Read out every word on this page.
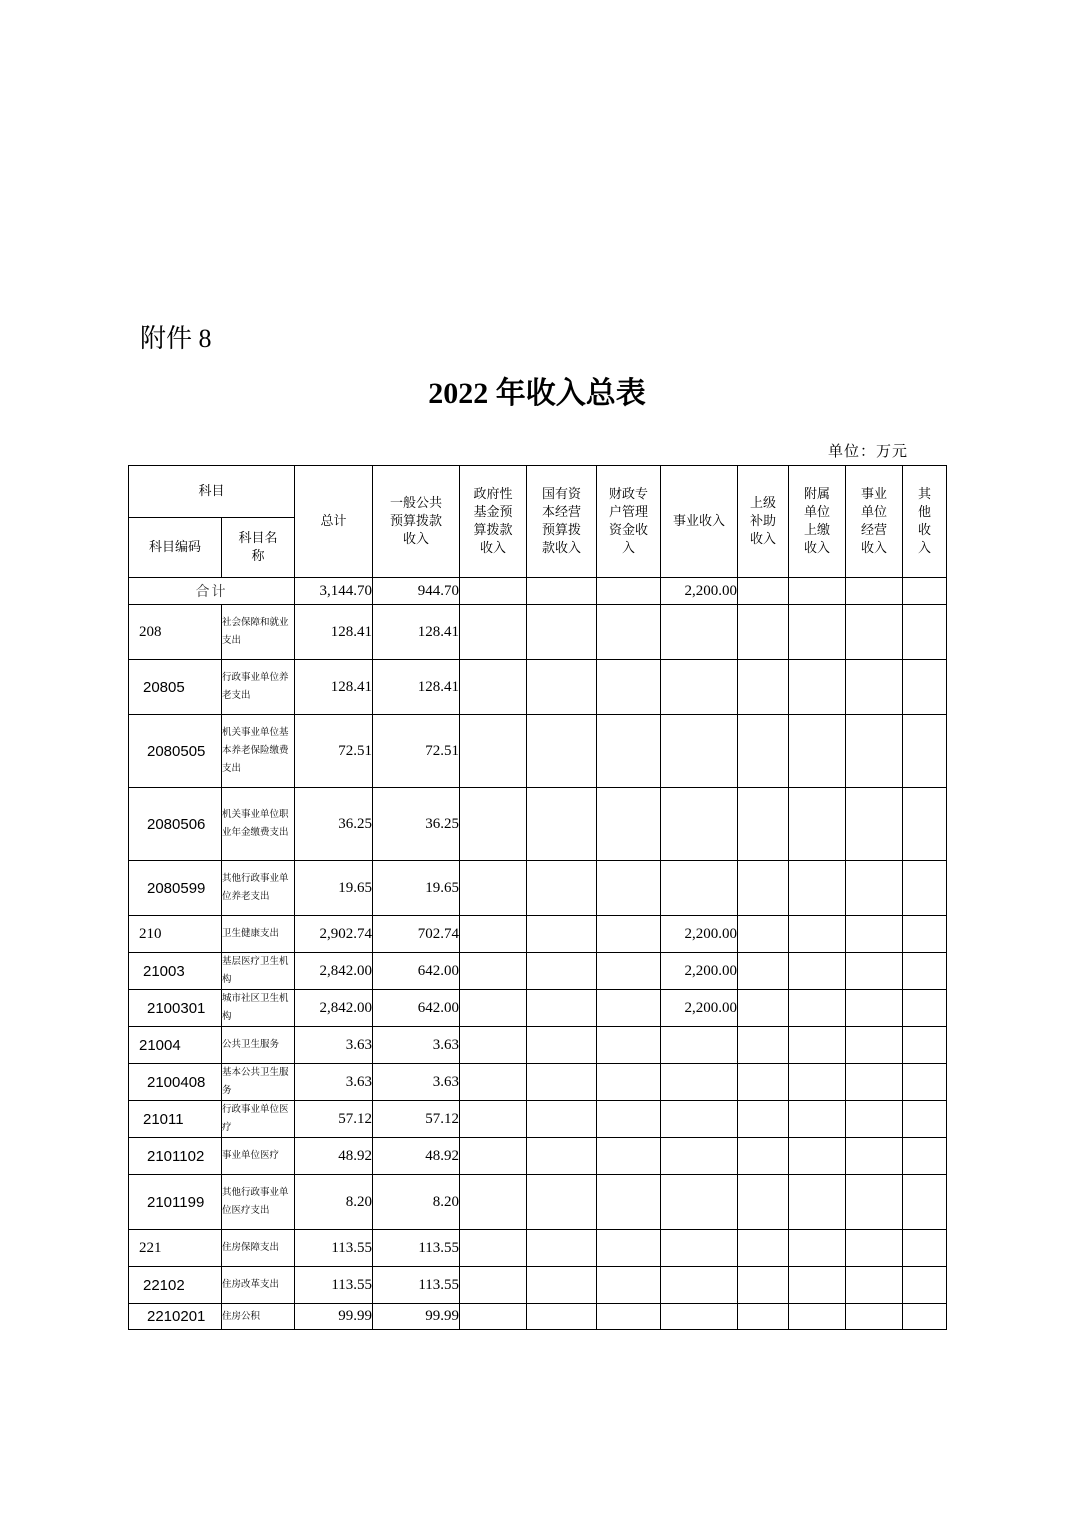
附件 8
2022 年收入总表
单位：万元
科目		总计	一般公共预算拨款收入	政府性基金预算拨款收入	国有资本经营预算拨款收入	财政专户管理资金收入	事业收入	上级补助收入	附属单位上缴收入	事业单位经营收入	其他收入
科目编码	科目名称										
合计		3,144.70	944.70				2,200.00				
208	社会保障和就业支出	128.41	128.41								
20805	行政事业单位养老支出	128.41	128.41								
2080505	机关事业单位基本养老保险缴费支出	72.51	72.51								
2080506	机关事业单位职业年金缴费支出	36.25	36.25								
2080599	其他行政事业单位养老支出	19.65	19.65								
210	卫生健康支出	2,902.74	702.74				2,200.00				
21003	基层医疗卫生机构	2,842.00	642.00				2,200.00				
2100301	城市社区卫生机构	2,842.00	642.00				2,200.00				
21004	公共卫生服务	3.63	3.63								
2100408	基本公共卫生服务	3.63	3.63								
21011	行政事业单位医疗	57.12	57.12								
2101102	事业单位医疗	48.92	48.92								
2101199	其他行政事业单位医疗支出	8.20	8.20								
221	住房保障支出	113.55	113.55								
22102	住房改革支出	113.55	113.55								
2210201	住房公积	99.99	99.99								
